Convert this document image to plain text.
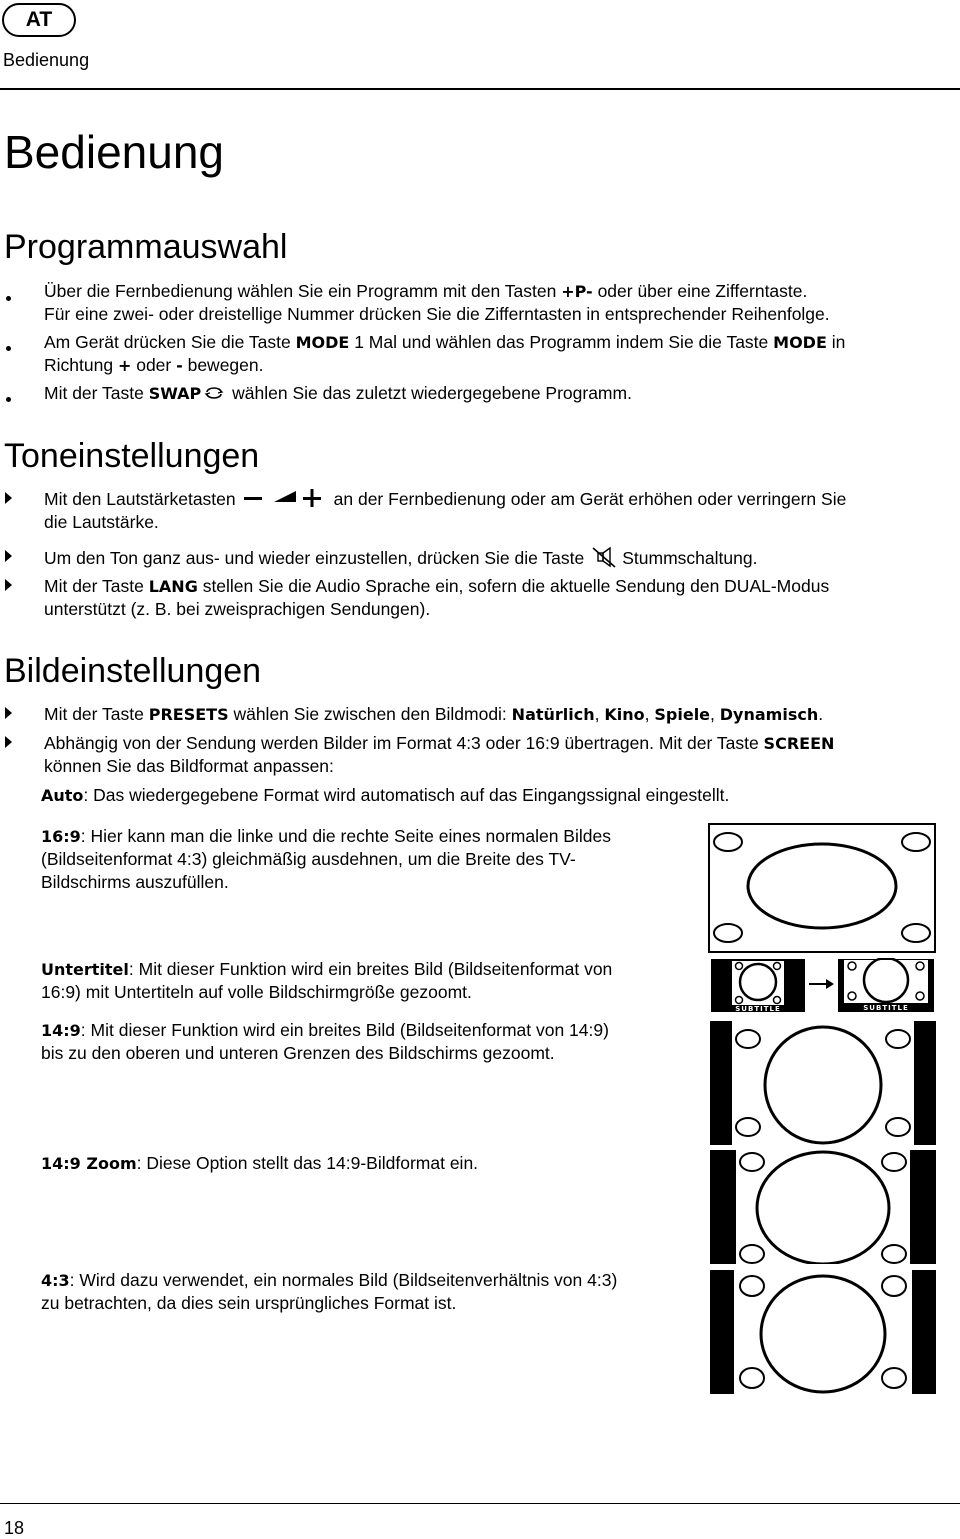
AT
Bedienung
Bedienung
Programmauswahl
Über die Fernbedienung wählen Sie ein Programm mit den Tasten +P- oder über eine Zifferntaste.
Für eine zwei- oder dreistellige Nummer drücken Sie die Zifferntasten in entsprechender Reihenfolge.
Am Gerät drücken Sie die Taste MODE 1 Mal und wählen das Programm indem Sie die Taste MODE in
Richtung + oder - bewegen.
Mit der Taste SWAP wählen Sie das zuletzt wiedergegebene Programm.
Toneinstellungen
Mit den Lautstärketasten	an der Fernbedienung oder am Gerät erhöhen oder verringern Sie
die Lautstärke.
Um den Ton ganz aus- und wieder einzustellen, drücken Sie die Taste Stummschaltung.
Mit der Taste LANG stellen Sie die Audio Sprache ein, sofern die aktuelle Sendung den DUAL-Modus
unterstützt (z. B. bei zweisprachigen Sendungen).
Bildeinstellungen
Mit der Taste PRESETS wählen Sie zwischen den Bildmodi: Natürlich, Kino, Spiele, Dynamisch.
Abhängig von der Sendung werden Bilder im Format 4:3 oder 16:9 übertragen. Mit der Taste SCREEN
können Sie das Bildformat anpassen:
Auto: Das wiedergegebene Format wird automatisch auf das Eingangssignal eingestellt.
16:9: Hier kann man die linke und die rechte Seite eines normalen Bildes
(Bildseitenformat 4:3) gleichmäßig ausdehnen, um die Breite des TV-
Bildschirms auszufüllen.
Untertitel: Mit dieser Funktion wird ein breites Bild (Bildseitenformat von
16:9) mit Untertiteln auf volle Bildschirmgröße gezoomt.
14:9: Mit dieser Funktion wird ein breites Bild (Bildseitenformat von 14:9)
bis zu den oberen und unteren Grenzen des Bildschirms gezoomt.
14:9 Zoom: Diese Option stellt das 14:9-Bildformat ein.
4:3: Wird dazu verwendet, ein normales Bild (Bildseitenverhältnis von 4:3)
zu betrachten, da dies sein ursprüngliches Format ist.
SUBTITLE	SUBTITLE
18
